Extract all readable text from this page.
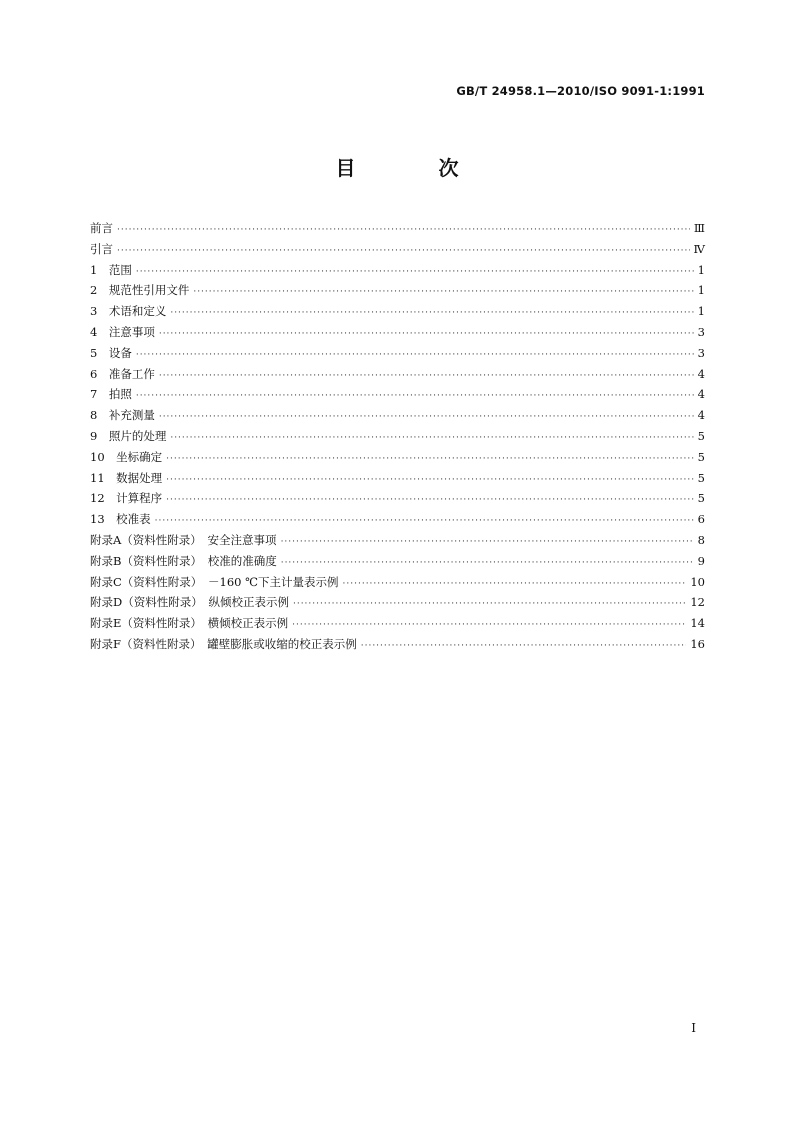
GB/T 24958.1—2010/ISO 9091-1:1991
目 次
前言 ·····	Ⅲ
引言 ·····	Ⅳ
1　范围 ·····	1
2　规范性引用文件 ·····	1
3　术语和定义 ·····	1
4　注意事项 ·····	3
5　设备 ·····	3
6　准备工作 ·····	4
7　拍照 ·····	4
8　补充测量 ·····	4
9　照片的处理 ·····	5
10　坐标确定 ·····	5
11　数据处理 ·····	5
12　计算程序 ·····	5
13　校准表 ·····	6
附录A（资料性附录）　安全注意事项 ·····	8
附录B（资料性附录）　校准的准确度 ·····	9
附录C（资料性附录）　－160 ℃下主计量表示例 ·····	10
附录D（资料性附录）　纵倾校正表示例 ·····	12
附录E（资料性附录）　横倾校正表示例 ·····	14
附录F（资料性附录）　罐壁膨胀或收缩的校正表示例 ·····	16
I
